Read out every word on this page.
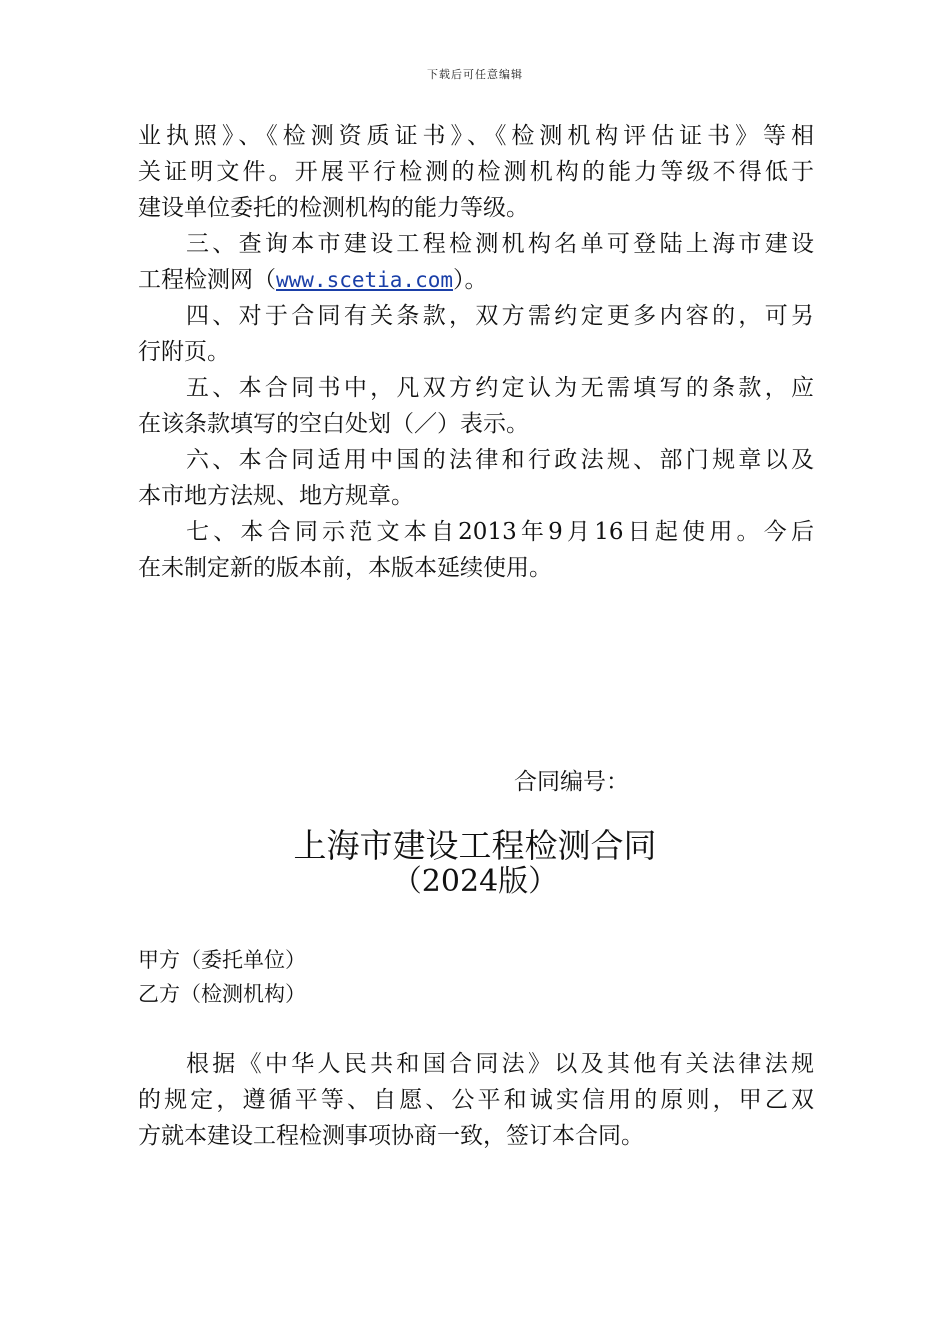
下载后可任意编辑
业执照》、《检测资质证书》、《检测机构评估证书》等相
关证明文件。开展平行检测的检测机构的能力等级不得低于
建设单位委托的检测机构的能力等级。
三、查询本市建设工程检测机构名单可登陆上海市建设
工程检测网（www.scetia.com）。
四、对于合同有关条款，双方需约定更多内容的，可另
行附页。
五、本合同书中，凡双方约定认为无需填写的条款，应
在该条款填写的空白处划（／）表示。
六、本合同适用中国的法律和行政法规、部门规章以及
本市地方法规、地方规章。
七、本合同示范文本自2013年9月16日起使用。今后
在未制定新的版本前，本版本延续使用。
合同编号：
上海市建设工程检测合同
（2024版）
甲方（委托单位）
乙方（检测机构）
根据《中华人民共和国合同法》以及其他有关法律法规
的规定，遵循平等、自愿、公平和诚实信用的原则，甲乙双
方就本建设工程检测事项协商一致，签订本合同。
